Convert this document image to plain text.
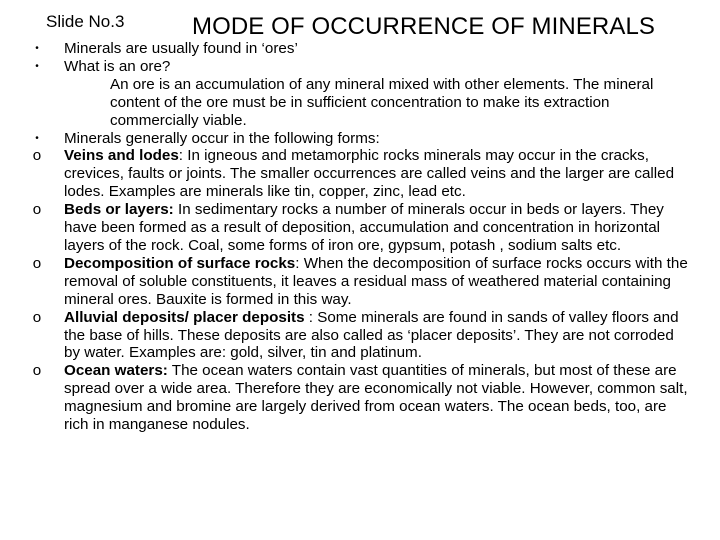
Slide No.3	MODE OF OCCURRENCE OF MINERALS
•	Minerals are usually found in ‘ores’
•	What is an ore?
An ore is an accumulation of any mineral mixed with other elements. The mineral content of the ore must be in sufficient concentration to make its extraction commercially viable.
•	Minerals generally occur in the following forms:
o Veins and lodes: In igneous and metamorphic rocks minerals may occur in the cracks, crevices, faults or joints. The smaller occurrences are called veins and the larger are called lodes. Examples are minerals like tin, copper, zinc, lead etc.
o Beds or layers: In sedimentary rocks a number of minerals occur in beds or layers. They have been formed as a result of deposition, accumulation and concentration in horizontal layers of the rock. Coal, some forms of iron ore, gypsum, potash , sodium salts etc.
o Decomposition of surface rocks: When the decomposition of surface rocks occurs with the removal of soluble constituents, it leaves a residual mass of weathered material containing mineral ores. Bauxite is formed in this way.
o Alluvial deposits/ placer deposits : Some minerals are found in sands of valley floors and the base of hills. These deposits are also called as ‘placer deposits’. They are not corroded by water. Examples are: gold, silver, tin and platinum.
o Ocean waters: The ocean waters contain vast quantities of minerals, but most of these are spread over a wide area. Therefore they are economically not viable. However, common salt, magnesium and bromine are largely derived from ocean waters. The ocean beds, too, are rich in manganese nodules.
